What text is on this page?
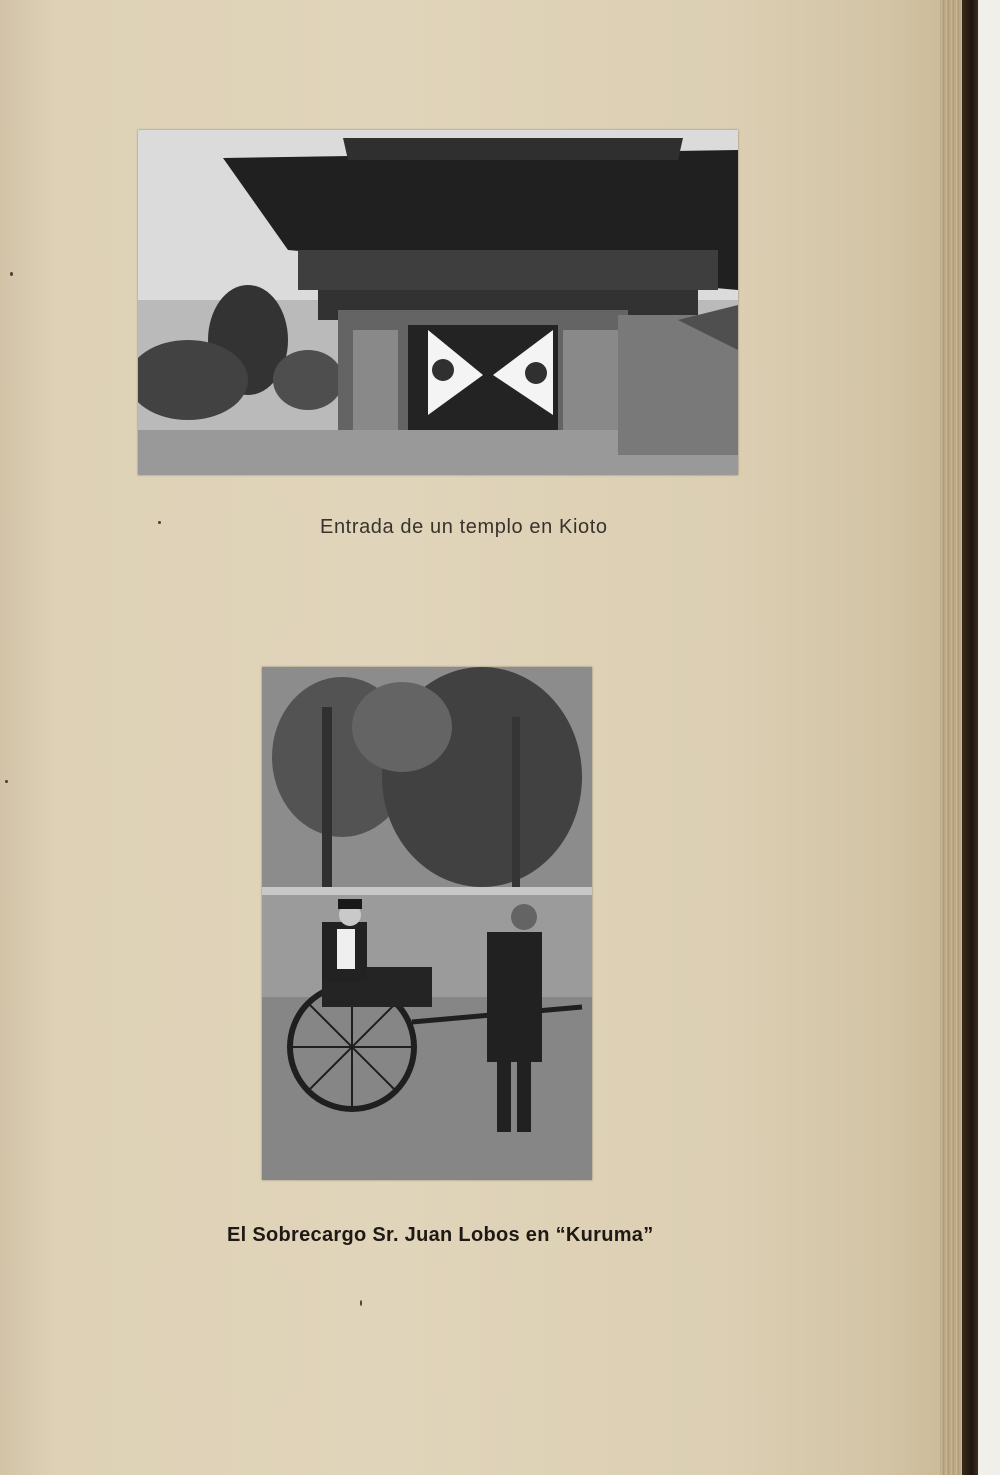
Entrada de un templo en Kioto
El Sobrecargo Sr. Juan Lobos en “Kuruma”
